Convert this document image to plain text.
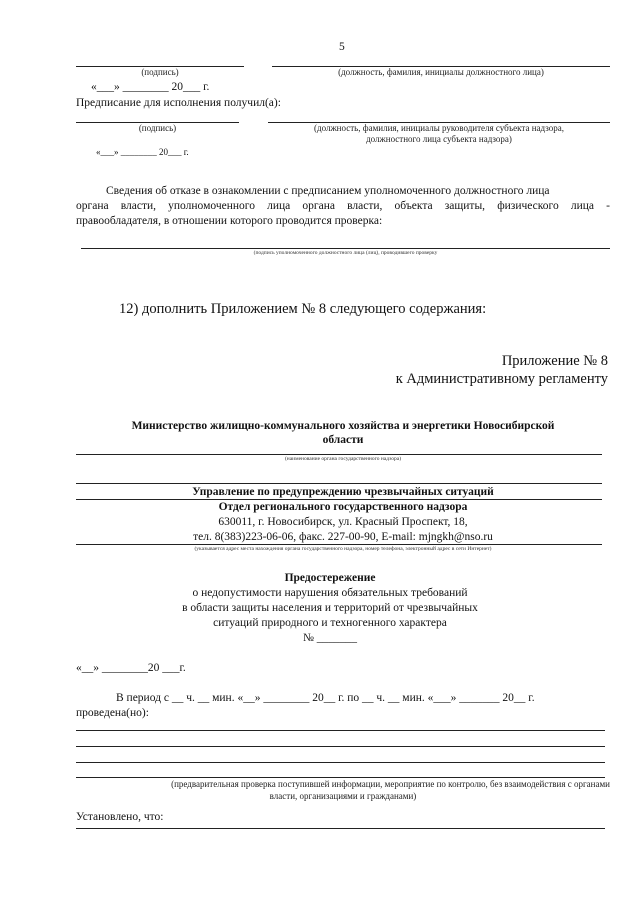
5
(подпись)	(должность, фамилия, инициалы должностного лица)
«___» ________ 20___ г.
Предписание для исполнения получил(а):
(подпись)	(должность, фамилия, инициалы руководителя субъекта надзора,
должностного лица субъекта надзора)
«___» ________ 20___ г.
Сведения об отказе в ознакомлении с предписанием уполномоченного должностного лица
органа власти, уполномоченного лица органа власти, объекта защиты, физического лица -
правообладателя, в отношении которого проводится проверка:
(подпись уполномоченного должностного лица (лиц), проводившего проверку
12) дополнить Приложением № 8 следующего содержания:
Приложение № 8
к Административному регламенту
Министерство жилищно-коммунального хозяйства и энергетики Новосибирской
области
(наименование органа государственного надзора)
Управление по предупреждению чрезвычайных ситуаций
Отдел регионального государственного надзора
630011, г. Новосибирск, ул. Красный Проспект, 18,
тел. 8(383)223-06-06, факс. 227-00-90, E-mail: mjngkh@nso.ru
(указывается адрес места нахождения органа государственного надзора, номер телефона, электронный адрес в сети Интернет)
Предостережение
о недопустимости нарушения обязательных требований
в области защиты населения и территорий от чрезвычайных
ситуаций природного и техногенного характера
№ _______
«__» ________20 ___г.
В период с __ ч. __ мин. «__» ________ 20__ г. по __ ч. __ мин. «___» _______ 20__ г.
проведена(но):
(предварительная проверка поступившей информации, мероприятие по контролю, без взаимодействия с органами
власти, организациями и гражданами)
Установлено, что:
